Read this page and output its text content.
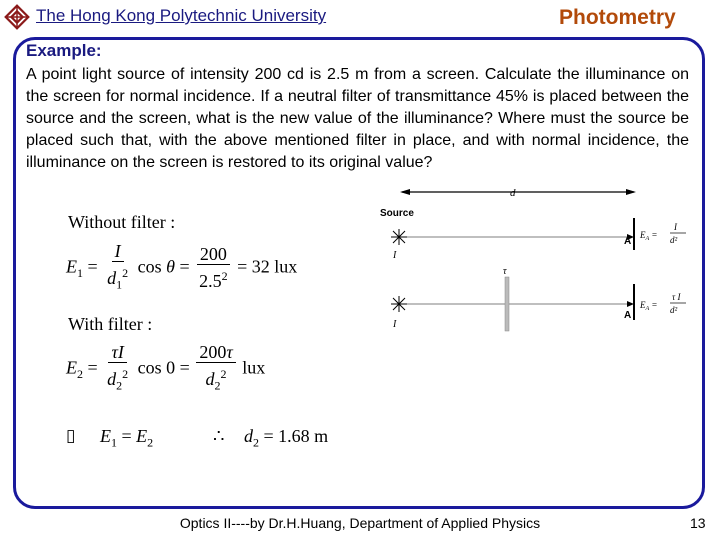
The Hong Kong Polytechnic University	Photometry
Example:
A point light source of intensity 200 cd is 2.5 m from a screen. Calculate the illuminance on the screen for normal incidence. If a neutral filter of transmittance 45% is placed between the source and the screen, what is the new value of the illuminance? Where must the source be placed such that, with the above mentioned filter in place, and with normal incidence, the illuminance on the screen is restored to its original value?
Without filter :
$E_1 = \frac{I}{d_1^2}$ $\cos \theta = \frac{200}{2.5^2} = 32$ lux
With filter :
$E_2 = \frac{\tau I}{d_2^2}$ $\cos 0 = \frac{200\tau}{d_2^2}$ lux
▯ $E_1 = E_2$	∴ $d_2 = 1.68$ m
d
Source
I
A
$E_A$ =
I
d²
τ
I
A
$E_A$ =
τ I
d²
Optics II----by Dr.H.Huang, Department of Applied Physics	13
